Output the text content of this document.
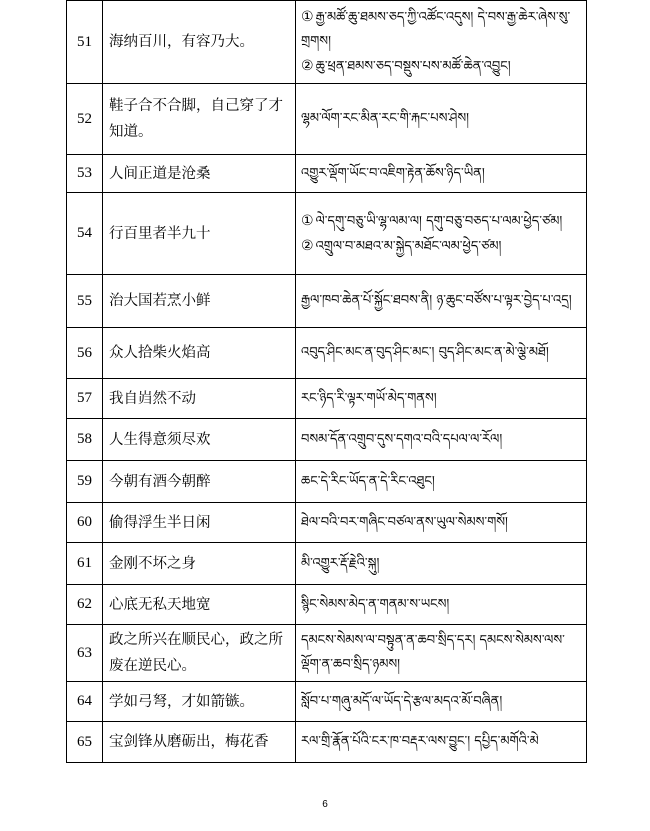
51	海纳百川，有容乃大。	① རྒྱ་མཚོ་ཆུ་ཐམས་ཅད་ཀྱི་འཚོང་འདུས། དེ་བས་རྒྱ་ཆེར་ཞེས་སུ་གྲགས།
② ཆུ་ཕྲན་ཐམས་ཅད་བསྡུས་པས་མཚོ་ཆེན་འབྱུང།

52	鞋子合不合脚，自己穿了才知道。	ལྷམ་ལོག་རང་མིན་རང་གི་རྐང་པས་ཤེས།

53	人间正道是沧桑	འགྱུར་ལྡོག་ཡོང་བ་འཇིག་རྟེན་ཆོས་ཉིད་ཡིན།

54	行百里者半九十	① ལེ་དགུ་བཅུ་ཡི་ལྷ་ལམ་ལ། དགུ་བཅུ་བཅད་པ་ལམ་ཕྱེད་ཙམ།
② འགྲུལ་བ་མཐའ་མ་སྐྱེད་མཐོང་ལམ་ཕྱེད་ཙམ།

55	治大国若烹小鲜	རྒྱལ་ཁབ་ཆེན་པོ་སྐྱོང་ཐབས་ནི། ཉ་ཆུང་བཙོས་པ་ལྟར་བྱེད་པ་འདྲ།

56	众人拾柴火焰高	འབུད་ཤིང་མང་ན་བུད་ཤིང་མང་། བུད་ཤིང་མང་ན་མེ་ལྕེ་མཐོ།

57	我自岿然不动	རང་ཉིད་རི་ལྟར་གཡོ་མེད་གནས།

58	人生得意须尽欢	བསམ་དོན་འགྲུབ་དུས་དགའ་བའི་དཔལ་ལ་རོལ།

59	今朝有酒今朝醉	ཆང་དེ་རིང་ཡོད་ན་དེ་རིང་འཐུང།

60	偷得浮生半日闲	ཐེལ་བའི་བར་གཞིང་བཙལ་ནས་ཡུལ་སེམས་གསོ།

61	金刚不坏之身	མི་འགྱུར་རྡོ་རྗེའི་སྐུ།

62	心底无私天地宽	སྙིང་སེམས་མེད་ན་གནམ་ས་ཡངས།

63	政之所兴在顺民心，政之所废在逆民心。	དམངས་སེམས་ལ་བསྟུན་ན་ཆབ་སྲིད་དར། དམངས་སེམས་ལས་ལྡོག་ན་ཆབ་སྲིད་ཉམས།

64	学如弓弩，才如箭镞。	སློབ་པ་གཞུ་མདོ་ལ་ཡོད་དེ་རྩལ་མདའ་མོ་བཞིན།

65	宝剑锋从磨砺出，梅花香	རལ་གྲི་རྣོན་པོའི་ངར་ཁ་བརྡར་ལས་བྱུང་། དཔྱིད་མགོའི་མེ
6
